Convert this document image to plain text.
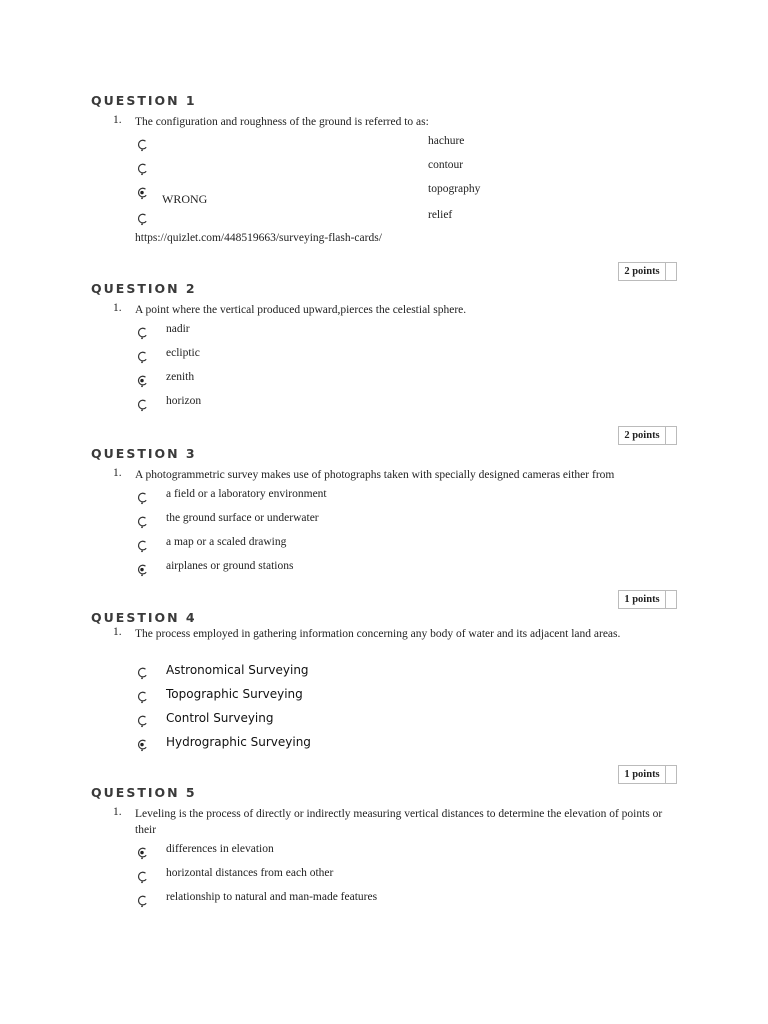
QUESTION 1
1. The configuration and roughness of the ground is referred to as:
hachure
contour
topography
WRONG
relief
https://quizlet.com/448519663/surveying-flash-cards/
2 points
QUESTION 2
1. A point where the vertical produced upward,pierces the celestial sphere.
nadir
ecliptic
zenith
horizon
2 points
QUESTION 3
1. A photogrammetric survey makes use of photographs taken with specially designed cameras either from
a field or a laboratory environment
the ground surface or underwater
a map or a scaled drawing
airplanes or ground stations
1 points
QUESTION 4
1. The process employed in gathering information concerning any body of water and its adjacent land areas.
Astronomical Surveying
Topographic Surveying
Control Surveying
Hydrographic Surveying
1 points
QUESTION 5
1. Leveling is the process of directly or indirectly measuring vertical distances to determine the elevation of points or their
differences in elevation
horizontal distances from each other
relationship to natural and man-made features
